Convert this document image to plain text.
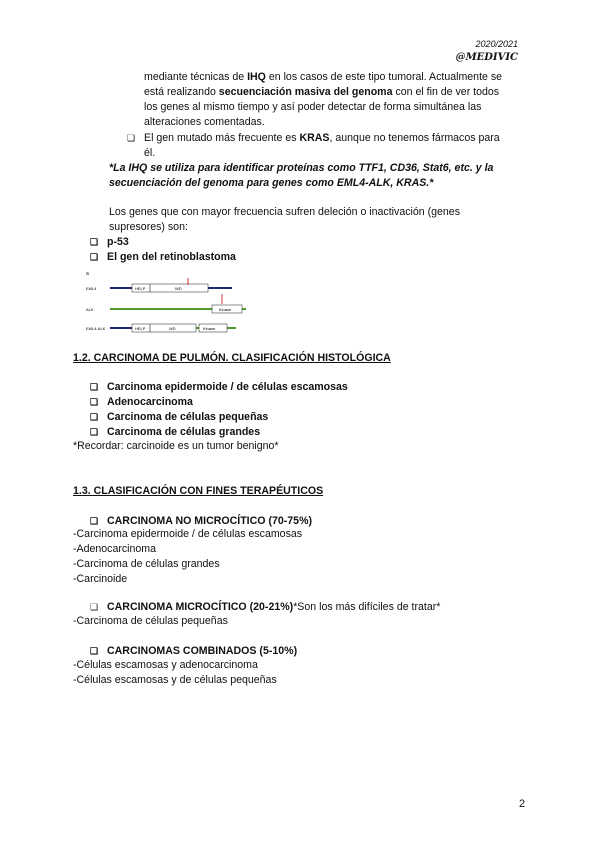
2020/2021
@MEDIVIC
mediante técnicas de IHQ en los casos de este tipo tumoral. Actualmente se
está realizando secuenciación masiva del genoma con el fin de ver todos
los genes al mismo tiempo y así poder detectar de forma simultánea las
alteraciones comentadas.
❏ El gen mutado más frecuente es KRAS, aunque no tenemos fármacos para
él.
*La IHQ se utiliza para identificar proteínas como TTF1, CD36, Stat6, etc. y la
secuenciación del genoma para genes como EML4-ALK, KRAS.*
Los genes que con mayor frecuencia sufren deleción o inactivación (genes
supresores) son:
❏ p-53
❏ El gen del retinoblastoma
a
EML4	HELP	WD
ALK	Kinase
EML4-ALK	HELP	WD	Kinase
1.2. CARCINOMA DE PULMÓN. CLASIFICACIÓN HISTOLÓGICA
❏ Carcinoma epidermoide / de células escamosas
❏ Adenocarcinoma
❏ Carcinoma de células pequeñas
❏ Carcinoma de células grandes
*Recordar: carcinoide es un tumor benigno*
1.3. CLASIFICACIÓN CON FINES TERAPÉUTICOS
❏ CARCINOMA NO MICROCÍTICO (70-75%)
-Carcinoma epidermoide / de células escamosas
-Adenocarcinoma
-Carcinoma de células grandes
-Carcinoide
❏ CARCINOMA MICROCÍTICO (20-21%) *Son los más difíciles de tratar*
-Carcinoma de células pequeñas
❏ CARCINOMAS COMBINADOS (5-10%)
-Células escamosas y adenocarcinoma
-Células escamosas y de células pequeñas
2
